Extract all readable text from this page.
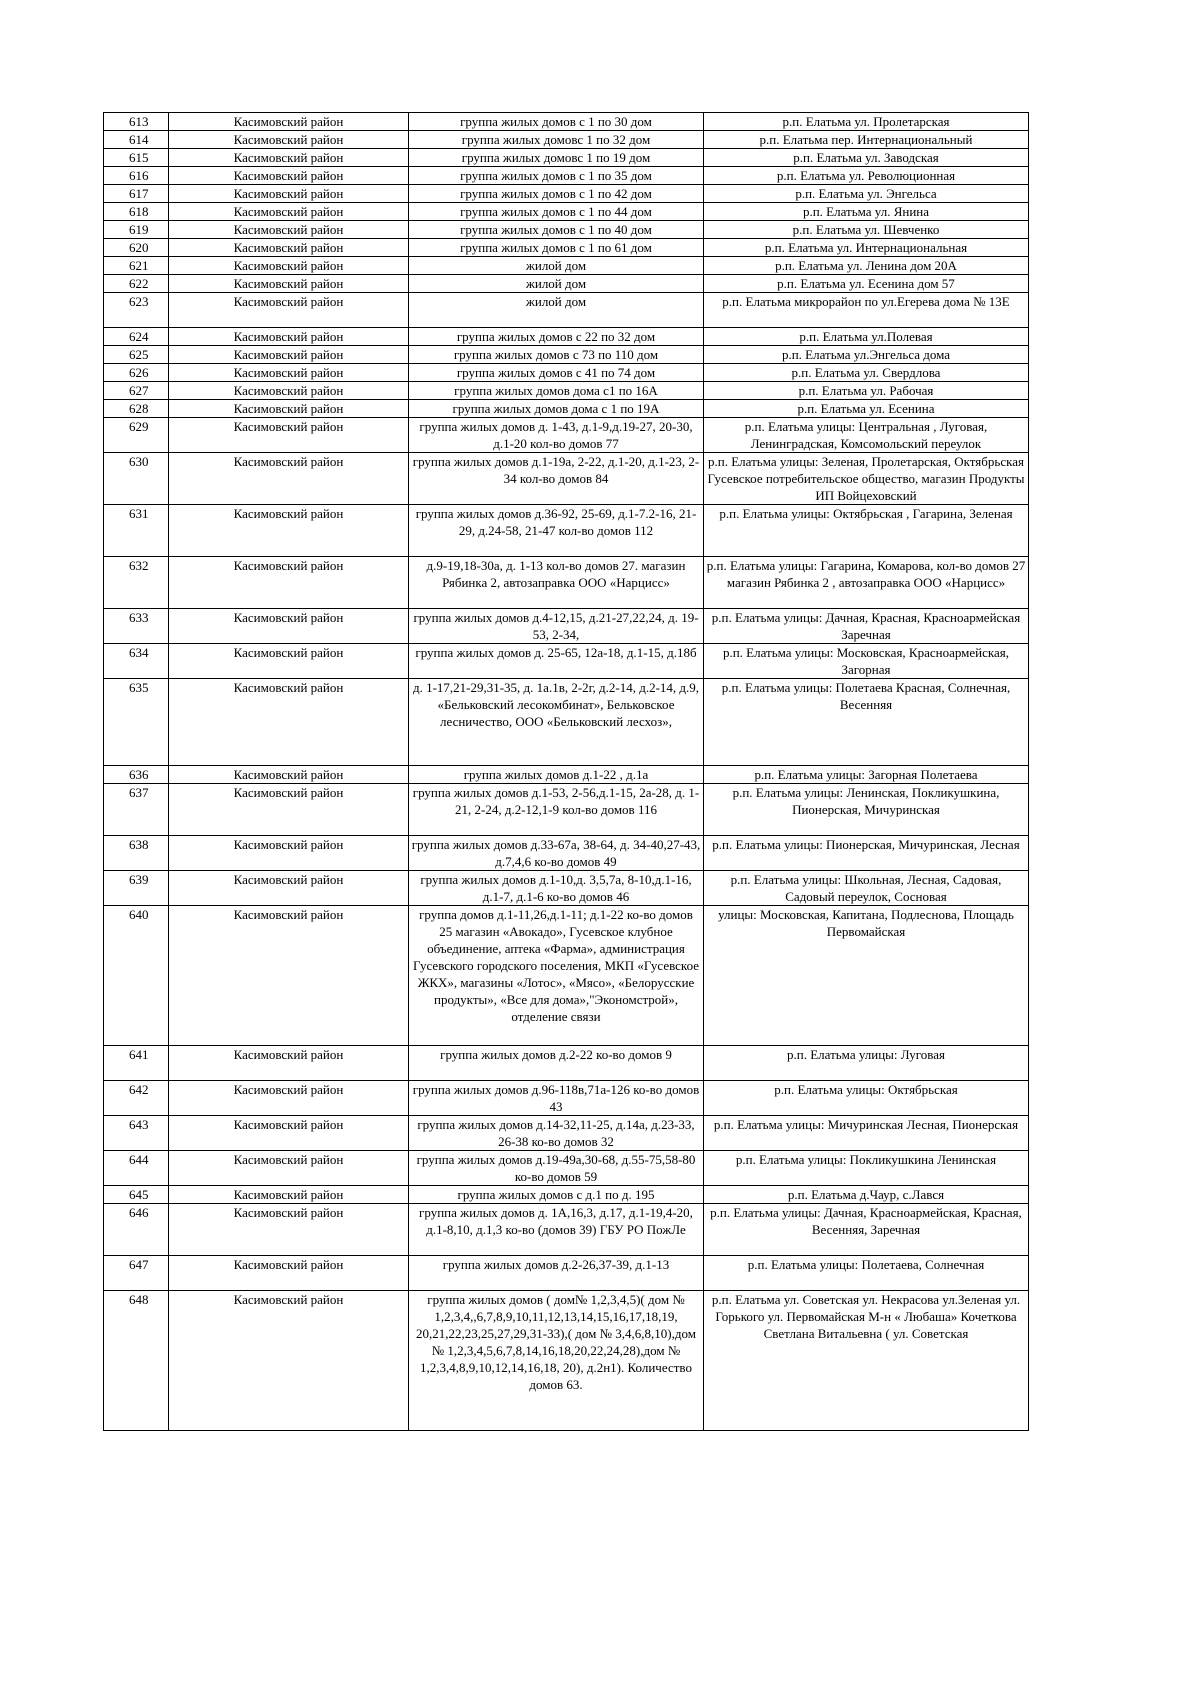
613	Касимовский район	группа жилых домов с 1 по 30 дом	р.п. Елатьма ул. Пролетарская
614	Касимовский район	группа жилых домовс 1 по 32 дом	р.п. Елатьма пер. Интернациональный
615	Касимовский район	группа жилых домовс 1 по 19 дом	р.п. Елатьма ул. Заводская
616	Касимовский район	группа жилых домов с 1 по 35 дом	р.п. Елатьма ул. Революционная
617	Касимовский район	группа жилых домов с 1 по 42 дом	р.п. Елатьма ул. Энгельса
618	Касимовский район	группа жилых домов с 1 по 44 дом	р.п. Елатьма ул. Янина
619	Касимовский район	группа жилых домов с 1 по 40 дом	р.п. Елатьма ул. Шевченко
620	Касимовский район	группа жилых домов с 1 по 61 дом	р.п. Елатьма ул. Интернациональная
621	Касимовский район	жилой дом	р.п. Елатьма ул. Ленина дом 20А
622	Касимовский район	жилой дом	р.п. Елатьма ул. Есенина дом 57
623	Касимовский район	жилой дом	р.п. Елатьма микрорайон по ул.Егерева дома № 13Е
624	Касимовский район	группа жилых домов с 22 по 32 дом	р.п. Елатьма ул.Полевая
625	Касимовский район	группа жилых домов с 73 по 110 дом	р.п. Елатьма ул.Энгельса дома
626	Касимовский район	группа жилых домов с 41 по 74 дом	р.п. Елатьма ул. Свердлова
627	Касимовский район	группа жилых домов дома с1 по 16А	р.п. Елатьма ул. Рабочая
628	Касимовский район	группа жилых домов дома с 1 по 19А	р.п. Елатьма ул. Есенина
629	Касимовский район	группа жилых домов д. 1-43, д.1-9,д.19-27, 20-30, д.1-20 кол-во домов 77	р.п. Елатьма улицы: Центральная , Луговая, Ленинградская, Комсомольский переулок
630	Касимовский район	группа жилых домов д.1-19а, 2-22, д.1-20, д.1-23, 2-34 кол-во домов 84	р.п. Елатьма улицы: Зеленая, Пролетарская, Октябрьская Гусевское потребительское общество, магазин Продукты ИП Войцеховский
631	Касимовский район	группа жилых домов д.36-92, 25-69, д.1-7.2-16, 21-29, д.24-58, 21-47 кол-во домов 112	р.п. Елатьма улицы: Октябрьская , Гагарина, Зеленая
632	Касимовский район	д.9-19,18-30а, д. 1-13 кол-во домов 27. магазин Рябинка 2, автозаправка ООО «Нарцисс»	р.п. Елатьма улицы: Гагарина, Комарова, кол-во домов 27 магазин Рябинка 2 , автозаправка ООО «Нарцисс»
633	Касимовский район	группа жилых домов д.4-12,15, д.21-27,22,24, д. 19-53, 2-34,	р.п. Елатьма улицы: Дачная, Красная, Красноармейская Заречная
634	Касимовский район	группа жилых домов д. 25-65, 12а-18, д.1-15, д.18б	р.п. Елатьма улицы: Московская, Красноармейская, Загорная
635	Касимовский район	д. 1-17,21-29,31-35, д. 1а.1в, 2-2г, д.2-14, д.2-14, д.9, «Бельковский лесокомбинат», Бельковское лесничество, ООО «Бельковский лесхоз»,	р.п. Елатьма улицы: Полетаева Красная, Солнечная, Весенняя
636	Касимовский район	группа жилых домов д.1-22 , д.1а	р.п. Елатьма улицы: Загорная Полетаева
637	Касимовский район	группа жилых домов д.1-53, 2-56,д.1-15, 2а-28, д. 1-21, 2-24, д.2-12,1-9 кол-во домов 116	р.п. Елатьма улицы: Ленинская, Покликушкина, Пионерская, Мичуринская
638	Касимовский район	группа жилых домов д.33-67а, 38-64, д. 34-40,27-43, д.7,4,6 ко-во домов 49	р.п. Елатьма улицы: Пионерская, Мичуринская, Лесная
639	Касимовский район	группа жилых домов д.1-10,д. 3,5,7а, 8-10,д.1-16, д.1-7, д.1-6 ко-во домов 46	р.п. Елатьма улицы: Школьная, Лесная, Садовая, Садовый переулок, Сосновая
640	Касимовский район	группа домов д.1-11,26,д.1-11; д.1-22 ко-во домов 25 магазин «Авокадо», Гусевское клубное объединение, аптека «Фарма», администрация Гусевского городского поселения, МКП «Гусевское ЖКХ», магазины «Лотос», «Мясо», «Белорусские продукты», «Все для дома»,"Экономстрой», отделение связи	улицы: Московская, Капитана, Подлеснова, Площадь Первомайская
641	Касимовский район	группа жилых домов д.2-22 ко-во домов 9	р.п. Елатьма улицы: Луговая
642	Касимовский район	группа жилых домов д.96-118в,71а-126 ко-во домов 43	р.п. Елатьма улицы: Октябрьская
643	Касимовский район	группа жилых домов д.14-32,11-25, д.14а, д.23-33, 26-38 ко-во домов 32	р.п. Елатьма улицы: Мичуринская Лесная, Пионерская
644	Касимовский район	группа жилых домов д.19-49а,30-68, д.55-75,58-80 ко-во домов 59	р.п. Елатьма улицы: Покликушкина Ленинская
645	Касимовский район	группа жилых домов с д.1 по д. 195	р.п. Елатьма д.Чаур, с.Лався
646	Касимовский район	группа жилых домов д. 1А,16,3, д.17, д.1-19,4-20, д.1-8,10, д.1,3 ко-во (домов 39) ГБУ РО ПожЛе	р.п. Елатьма улицы: Дачная, Красноармейская, Красная, Весенняя, Заречная
647	Касимовский район	группа жилых домов д.2-26,37-39, д.1-13	р.п. Елатьма улицы: Полетаева, Солнечная
648	Касимовский район	группа жилых домов ( дом№ 1,2,3,4,5)( дом № 1,2,3,4,,6,7,8,9,10,11,12,13,14,15,16,17,18,19, 20,21,22,23,25,27,29,31-33),( дом № 3,4,6,8,10),дом № 1,2,3,4,5,6,7,8,14,16,18,20,22,24,28),дом № 1,2,3,4,8,9,10,12,14,16,18, 20), д.2н1). Количество домов 63.	р.п. Елатьма ул. Советская ул. Некрасова ул.Зеленая ул. Горького ул. Первомайская М-н « Любаша» Кочеткова Светлана Витальевна ( ул. Советская
